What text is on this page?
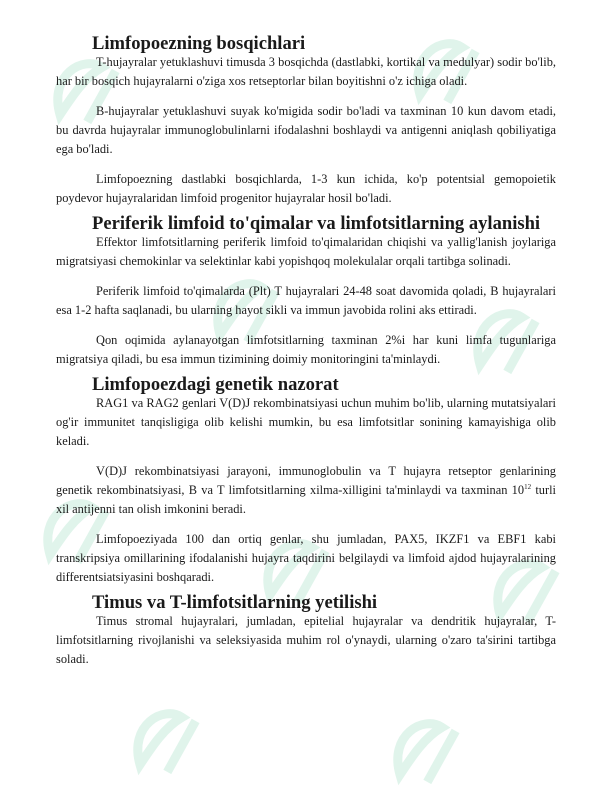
Limfopoezning bosqichlari

T-hujayralar yetuklashuvi timusda 3 bosqichda (dastlabki, kortikal va medulyar) sodir bo'lib, har bir bosqich hujayralarni o'ziga xos retseptorlar bilan boyitishni o'z ichiga oladi.

B-hujayralar yetuklashuvi suyak ko'migida sodir bo'ladi va taxminan 10 kun davom etadi, bu davrda hujayralar immunoglobulinlarni ifodalashni boshlaydi va antigenni aniqlash qobiliyatiga ega bo'ladi.

Limfopoezning dastlabki bosqichlarda, 1-3 kun ichida, ko'p potentsial gemopoietik poydevor hujayralaridan limfoid progenitor hujayralar hosil bo'ladi.

Periferik limfoid to'qimalar va limfotsitlarning aylanishi

Effektor limfotsitlarning periferik limfoid to'qimalaridan chiqishi va yallig'lanish joylariga migratsiyasi chemokinlar va selektinlar kabi yopishqoq molekulalar orqali tartibga solinadi.

Periferik limfoid to'qimalarda (Plt) T hujayralari 24-48 soat davomida qoladi, B hujayralari esa 1-2 hafta saqlanadi, bu ularning hayot sikli va immun javobida rolini aks ettiradi.

Qon oqimida aylanayotgan limfotsitlarning taxminan 2%i har kuni limfa tugunlariga migratsiya qiladi, bu esa immun tizimining doimiy monitoringini ta'minlaydi.

Limfopoezdagi genetik nazorat

RAG1 va RAG2 genlari V(D)J rekombinatsiyasi uchun muhim bo'lib, ularning mutatsiyalari og'ir immunitet tanqisligiga olib kelishi mumkin, bu esa limfotsitlar sonining kamayishiga olib keladi.

V(D)J rekombinatsiyasi jarayoni, immunoglobulin va T hujayra retseptor genlarining genetik rekombinatsiyasi, B va T limfotsitlarning xilma-xilligini ta'minlaydi va taxminan $10^{12}$ turli xil antijenni tan olish imkonini beradi.

Limfopoeziyada 100 dan ortiq genlar, shu jumladan, PAX5, IKZF1 va EBF1 kabi transkripsiya omillarining ifodalanishi hujayra taqdirini belgilaydi va limfoid ajdod hujayralarining differentsiatsiyasini boshqaradi.

Timus va T-limfotsitlarning yetilishi

Timus stromal hujayralari, jumladan, epitelial hujayralar va dendritik hujayralar, T-limfotsitlarning rivojlanishi va seleksiyasida muhim rol o'ynaydi, ularning o'zaro ta'sirini tartibga soladi.
